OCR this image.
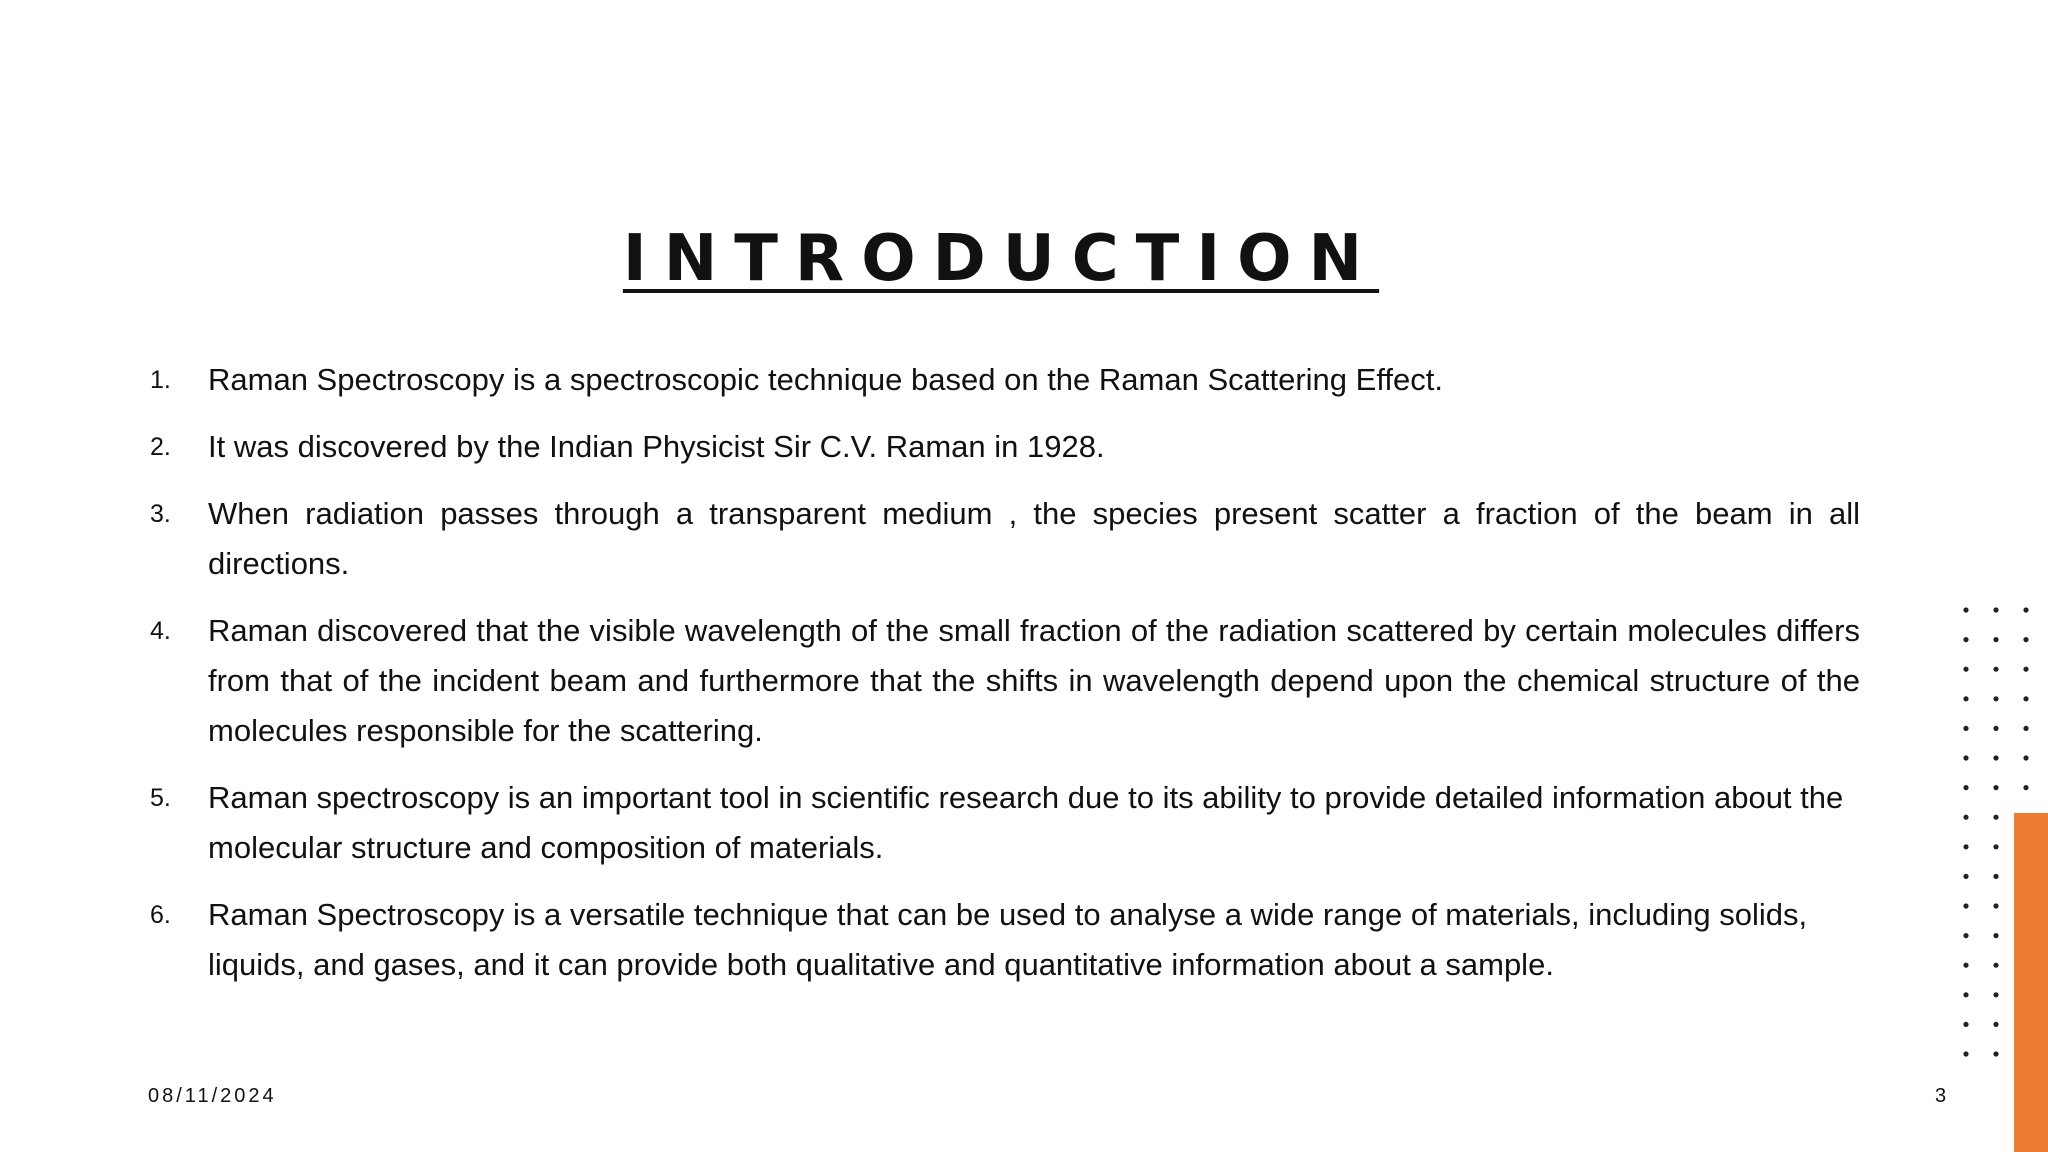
INTRODUCTION
1. Raman Spectroscopy is a spectroscopic technique based on the Raman Scattering Effect.
2. It was discovered by the Indian Physicist Sir C.V. Raman in 1928.
3. When radiation passes through a transparent medium , the species present scatter a fraction of the beam in all directions.
4. Raman discovered that the visible wavelength of the small fraction of the radiation scattered by certain molecules differs from that of the incident beam and furthermore that the shifts in wavelength depend upon the chemical structure of the molecules responsible for the scattering.
5. Raman spectroscopy is an important tool in scientific research due to its ability to provide detailed information about the molecular structure and composition of materials.
6. Raman Spectroscopy is a versatile technique that can be used to analyse a wide range of materials, including solids, liquids, and gases, and it can provide both qualitative and quantitative information about a sample.
08/11/2024	3
